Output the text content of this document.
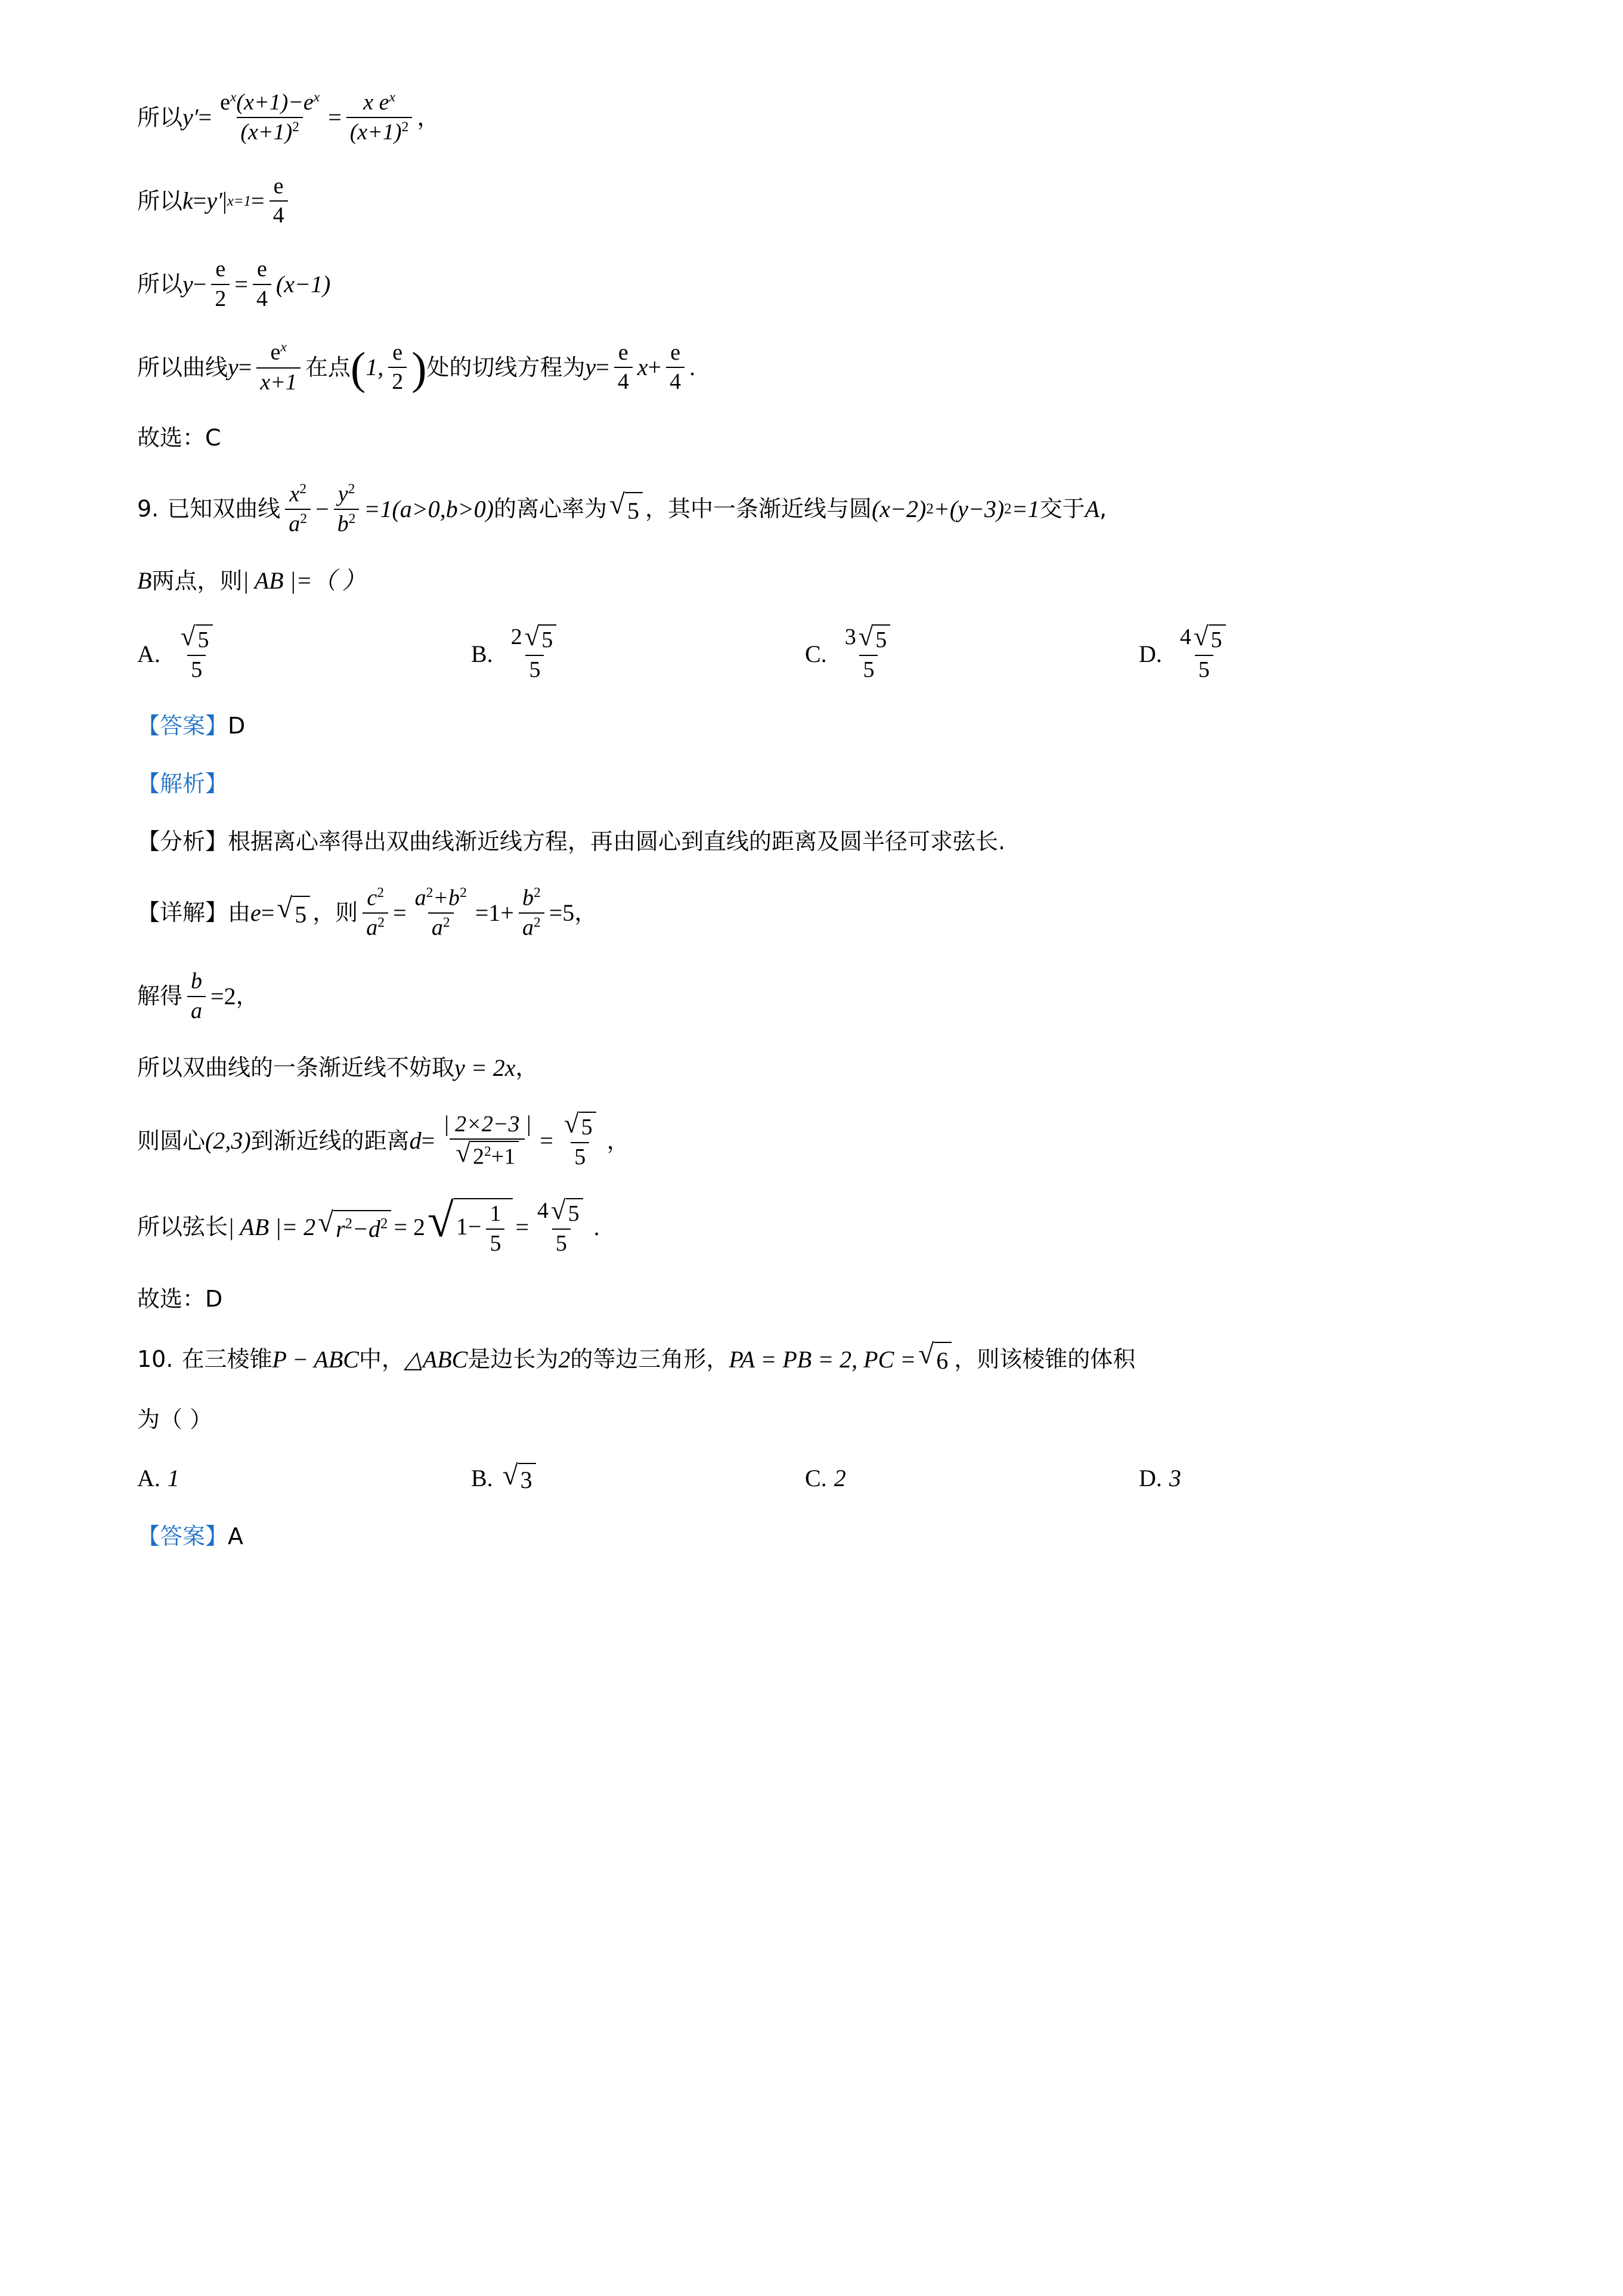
所以 y ′ = $\frac{e^x(x+1)-e^x}{(x+1)^2} = \frac{x e^x}{(x+1)^2}$ ，
所以 k = y ′ | $x=1 = \frac{e}{4}$
所以 $y - \frac{e}{2} = \frac{e}{4} (x-1)$
所以曲线 $y = \frac{e^x}{x+1}$ 在点 ( 1, $\frac{e}{2}$ ) 处的切线方程为 $y = \frac{e}{4}$ $x + \frac{e}{4}$ .
故选：C
9. 已知双曲线 $\frac{x^2}{a^2} - \frac{y^2}{b^2} =1(a>0,b>0)$ 的离心率为 √ 5 ，其中一条渐近线与圆 (x−2) 2 +(y−3) 2 =1 交于 A ,
B 两点，则 | AB |=（ ）
A. $\frac{√ 5}{5}$	B. $\frac{2 √ 5}{5}$	C. $\frac{3 √ 5}{5}$	D. $\frac{4 √ 5}{5}$
【答案】 D
【解析】
【分析】 根据离心率得出双曲线渐近线方程，再由圆心到直线的距离及圆半径可求弦长.
【详解】 由 e = √ 5 ，则 $\frac{c^2}{a^2} = \frac{a^2+b^2}{a^2} =1+ \frac{b^2}{a^2} =5$ ，
解得 $\frac{b}{a} =2$ ，
所以双曲线的一条渐近线不妨取 y = 2x ，
则圆心 (2,3) 到渐近线的距离 $d = \frac{| 2\times 2-3 |}{√ 2^2+1} = \frac{√ 5}{5}$ ，
所以弦长 | AB |= 2 √ $r^2-d^2 = 2$ √ $1- \frac{1}{5} = \frac{4 √ 5}{5}$ .
故选：D
10. 在三棱锥 P − ABC 中， △ABC 是边长为 2 的等边三角形， PA = PB = 2, PC = √ 6 ，则该棱锥的体积
为（ ）
A. 1	B. √ 3	C. 2	D. 3
【答案】 A
